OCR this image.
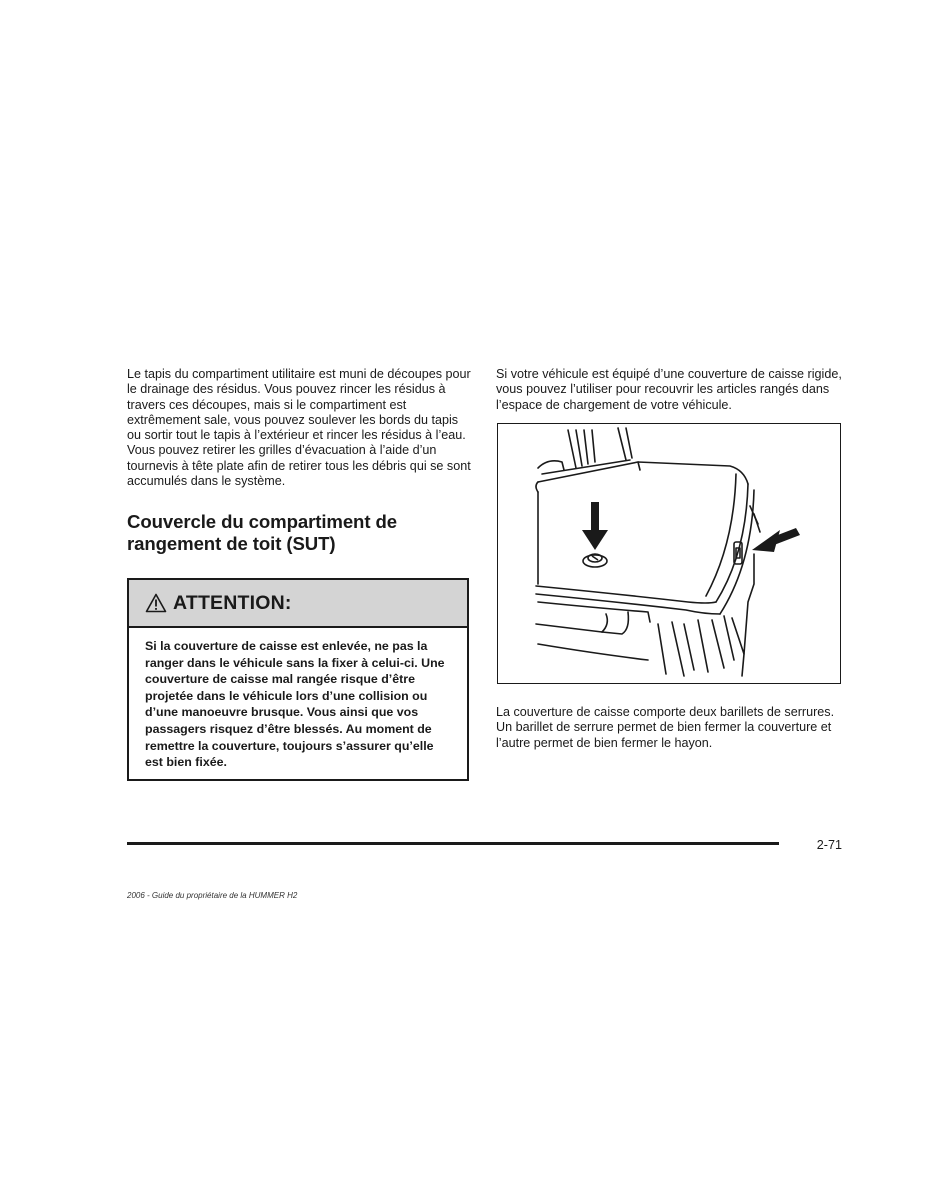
Le tapis du compartiment utilitaire est muni de découpes pour le drainage des résidus. Vous pouvez rincer les résidus à travers ces découpes, mais si le compartiment est extrêmement sale, vous pouvez soulever les bords du tapis ou sortir tout le tapis à l’extérieur et rincer les résidus à l’eau. Vous pouvez retirer les grilles d’évacuation à l’aide d’un tournevis à tête plate afin de retirer tous les débris qui se sont accumulés dans le système.

Couvercle du compartiment de rangement de toit (SUT)
ATTENTION:
Si la couverture de caisse est enlevée, ne pas la ranger dans le véhicule sans la fixer à celui-ci. Une couverture de caisse mal rangée risque d’être projetée dans le véhicule lors d’une collision ou d’une manoeuvre brusque. Vous ainsi que vos passagers risquez d’être blessés. Au moment de remettre la couverture, toujours s’assurer qu’elle est bien fixée.

Si votre véhicule est équipé d’une couverture de caisse rigide, vous pouvez l’utiliser pour recouvrir les articles rangés dans l’espace de chargement de votre véhicule.

La couverture de caisse comporte deux barillets de serrures. Un barillet de serrure permet de bien fermer la couverture et l’autre permet de bien fermer le hayon.

2-71
2006 - Guide du propriétaire de la HUMMER H2
